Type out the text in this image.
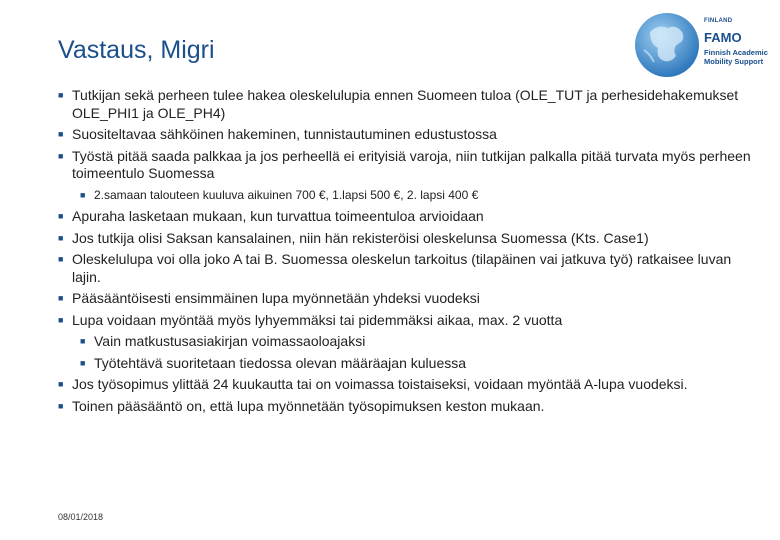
Vastaus, Migri
FINLAND
FAMO
Finnish Academic Mobility Support
■ Tutkijan sekä perheen tulee hakea oleskelulupia ennen Suomeen tuloa (OLE_TUT ja perhesidehakemukset OLE_PHI1 ja OLE_PH4)
■ Suositeltavaa sähköinen hakeminen, tunnistautuminen edustustossa
■ Työstä pitää saada palkkaa ja jos perheellä ei erityisiä varoja, niin tutkijan palkalla pitää turvata myös perheen toimeentulo Suomessa
■ 2.samaan talouteen kuuluva aikuinen 700 €, 1.lapsi 500 €, 2. lapsi 400 €
■ Apuraha lasketaan mukaan, kun turvattua toimeentuloa arvioidaan
■ Jos tutkija olisi Saksan kansalainen, niin hän rekisteröisi oleskelunsa Suomessa (Kts. Case1)
■ Oleskelulupa voi olla joko A tai B. Suomessa oleskelun tarkoitus (tilapäinen vai jatkuva työ) ratkaisee luvan lajin.
■ Pääsääntöisesti ensimmäinen lupa myönnetään yhdeksi vuodeksi
■ Lupa voidaan myöntää myös lyhyemmäksi tai pidemmäksi aikaa, max. 2 vuotta
■ Vain matkustusasiakirjan voimassaoloajaksi
■ Työtehtävä suoritetaan tiedossa olevan määräajan kuluessa
■ Jos työsopimus ylittää 24 kuukautta tai on voimassa toistaiseksi, voidaan myöntää A-lupa vuodeksi.
■ Toinen pääsääntö on, että lupa myönnetään työsopimuksen keston mukaan.
08/01/2018
